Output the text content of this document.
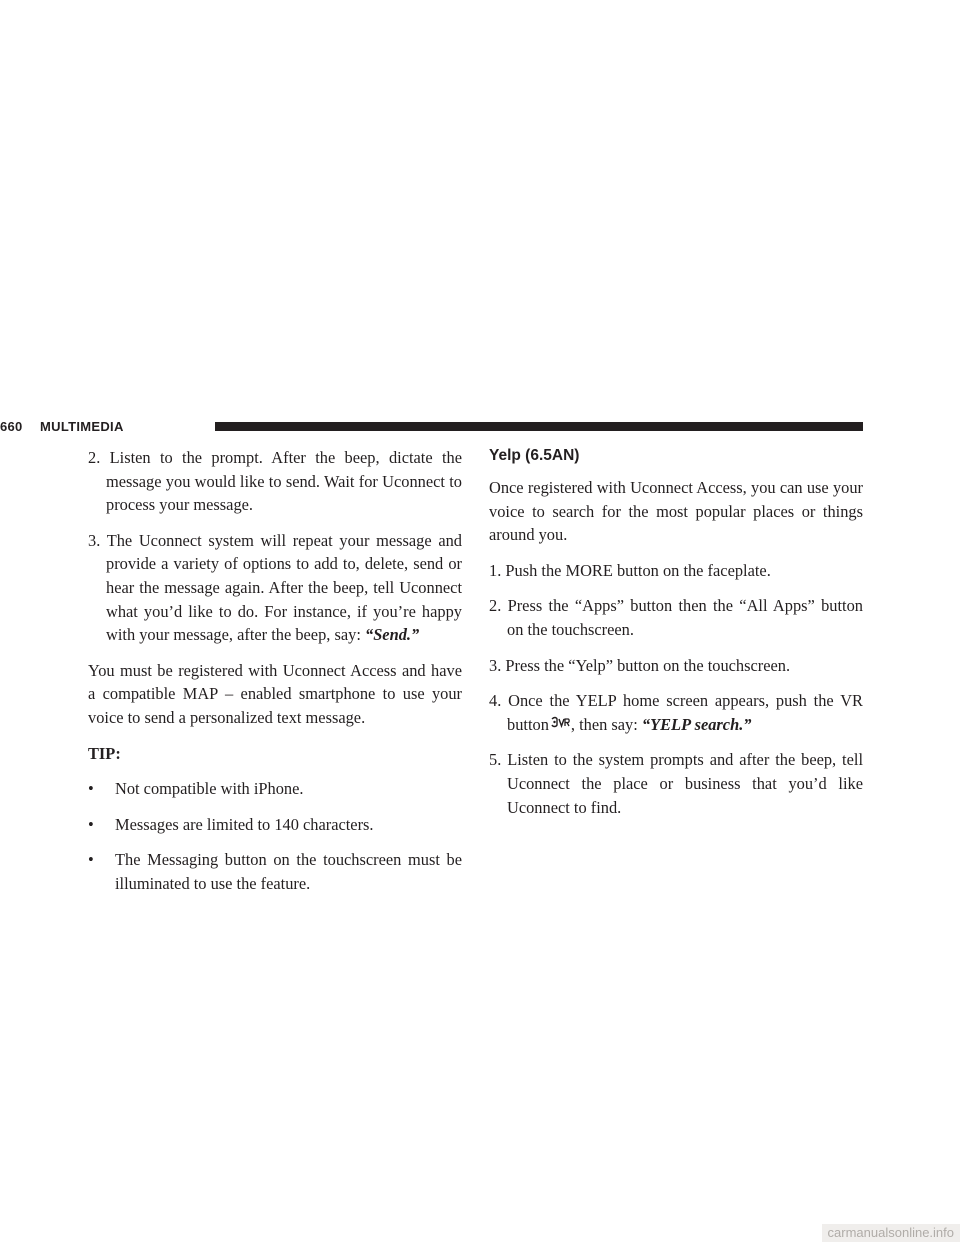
660 MULTIMEDIA

2. Listen to the prompt. After the beep, dictate the message you would like to send. Wait for Uconnect to process your message.

3. The Uconnect system will repeat your message and provide a variety of options to add to, delete, send or hear the message again. After the beep, tell Uconnect what you’d like to do. For instance, if you’re happy with your message, after the beep, say: “Send.”

You must be registered with Uconnect Access and have a compatible MAP – enabled smartphone to use your voice to send a personalized text message.

TIP:

• Not compatible with iPhone.

• Messages are limited to 140 characters.

• The Messaging button on the touchscreen must be illuminated to use the feature.

Yelp (6.5AN)

Once registered with Uconnect Access, you can use your voice to search for the most popular places or things around you.

1. Push the MORE button on the faceplate.

2. Press the “Apps” button then the “All Apps” button on the touchscreen.

3. Press the “Yelp” button on the touchscreen.

4. Once the YELP home screen appears, push the VR button , then say: “YELP search.”

5. Listen to the system prompts and after the beep, tell Uconnect the place or business that you’d like Uconnect to find.

carmanualsonline.info
